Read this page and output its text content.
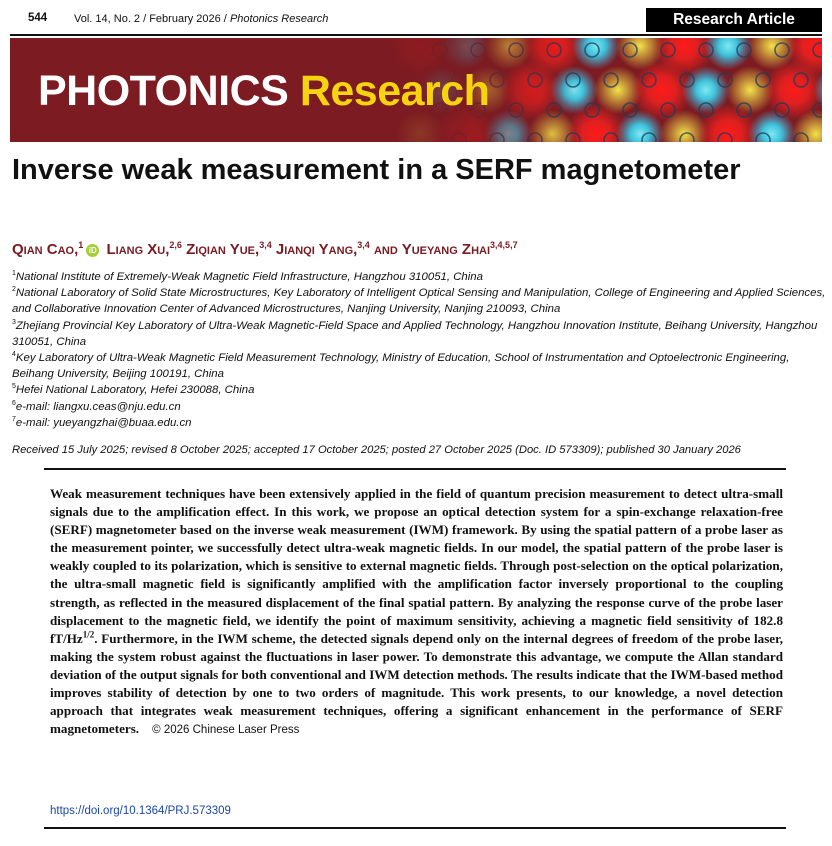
544 Vol. 14, No. 2 / February 2026 / Photonics Research	Research Article
PHOTONICS Research
Inverse weak measurement in a SERF magnetometer
Qian Cao,$^1$iD Liang Xu,$^{2,6}$ Ziqian Yue,$^{3,4}$ Jianqi Yang,$^{3,4}$ and Yueyang Zhai$^{3,4,5,7}$

$^1$National Institute of Extremely-Weak Magnetic Field Infrastructure, Hangzhou 310051, China

$^2$National Laboratory of Solid State Microstructures, Key Laboratory of Intelligent Optical Sensing and Manipulation, College of Engineering and Applied Sciences, and Collaborative Innovation Center of Advanced Microstructures, Nanjing University, Nanjing 210093, China

$^3$Zhejiang Provincial Key Laboratory of Ultra-Weak Magnetic-Field Space and Applied Technology, Hangzhou Innovation Institute, Beihang University, Hangzhou 310051, China

$^4$Key Laboratory of Ultra-Weak Magnetic Field Measurement Technology, Ministry of Education, School of Instrumentation and Optoelectronic Engineering, Beihang University, Beijing 100191, China

$^5$Hefei National Laboratory, Hefei 230088, China

$^6$e-mail: liangxu.ceas@nju.edu.cn

$^7$e-mail: yueyangzhai@buaa.edu.cn

Received 15 July 2025; revised 8 October 2025; accepted 17 October 2025; posted 27 October 2025 (Doc. ID 573309); published 30 January 2026
Weak measurement techniques have been extensively applied in the field of quantum precision measurement to detect ultra-small signals due to the amplification effect. In this work, we propose an optical detection system for a spin-exchange relaxation-free (SERF) magnetometer based on the inverse weak measurement (IWM) framework. By using the spatial pattern of a probe laser as the measurement pointer, we successfully detect ultra-weak magnetic fields. In our model, the spatial pattern of the probe laser is weakly coupled to its polarization, which is sensitive to external magnetic fields. Through post-selection on the optical polarization, the ultra-small magnetic field is significantly amplified with the amplification factor inversely proportional to the coupling strength, as reflected in the measured displacement of the final spatial pattern. By analyzing the response curve of the probe laser displacement to the magnetic field, we identify the point of maximum sensitivity, achieving a magnetic field sensitivity of 182.8 $fT/Hz^{1/2}$. Furthermore, in the IWM scheme, the detected signals depend only on the internal degrees of freedom of the probe laser, making the system robust against the fluctuations in laser power. To demonstrate this advantage, we compute the Allan standard deviation of the output signals for both conventional and IWM detection methods. The results indicate that the IWM-based method improves stability of detection by one to two orders of magnitude. This work presents, to our knowledge, a novel detection approach that integrates weak measurement techniques, offering a significant enhancement in the performance of SERF magnetometers. © 2026 Chinese Laser Press
https://doi.org/10.1364/PRJ.573309
